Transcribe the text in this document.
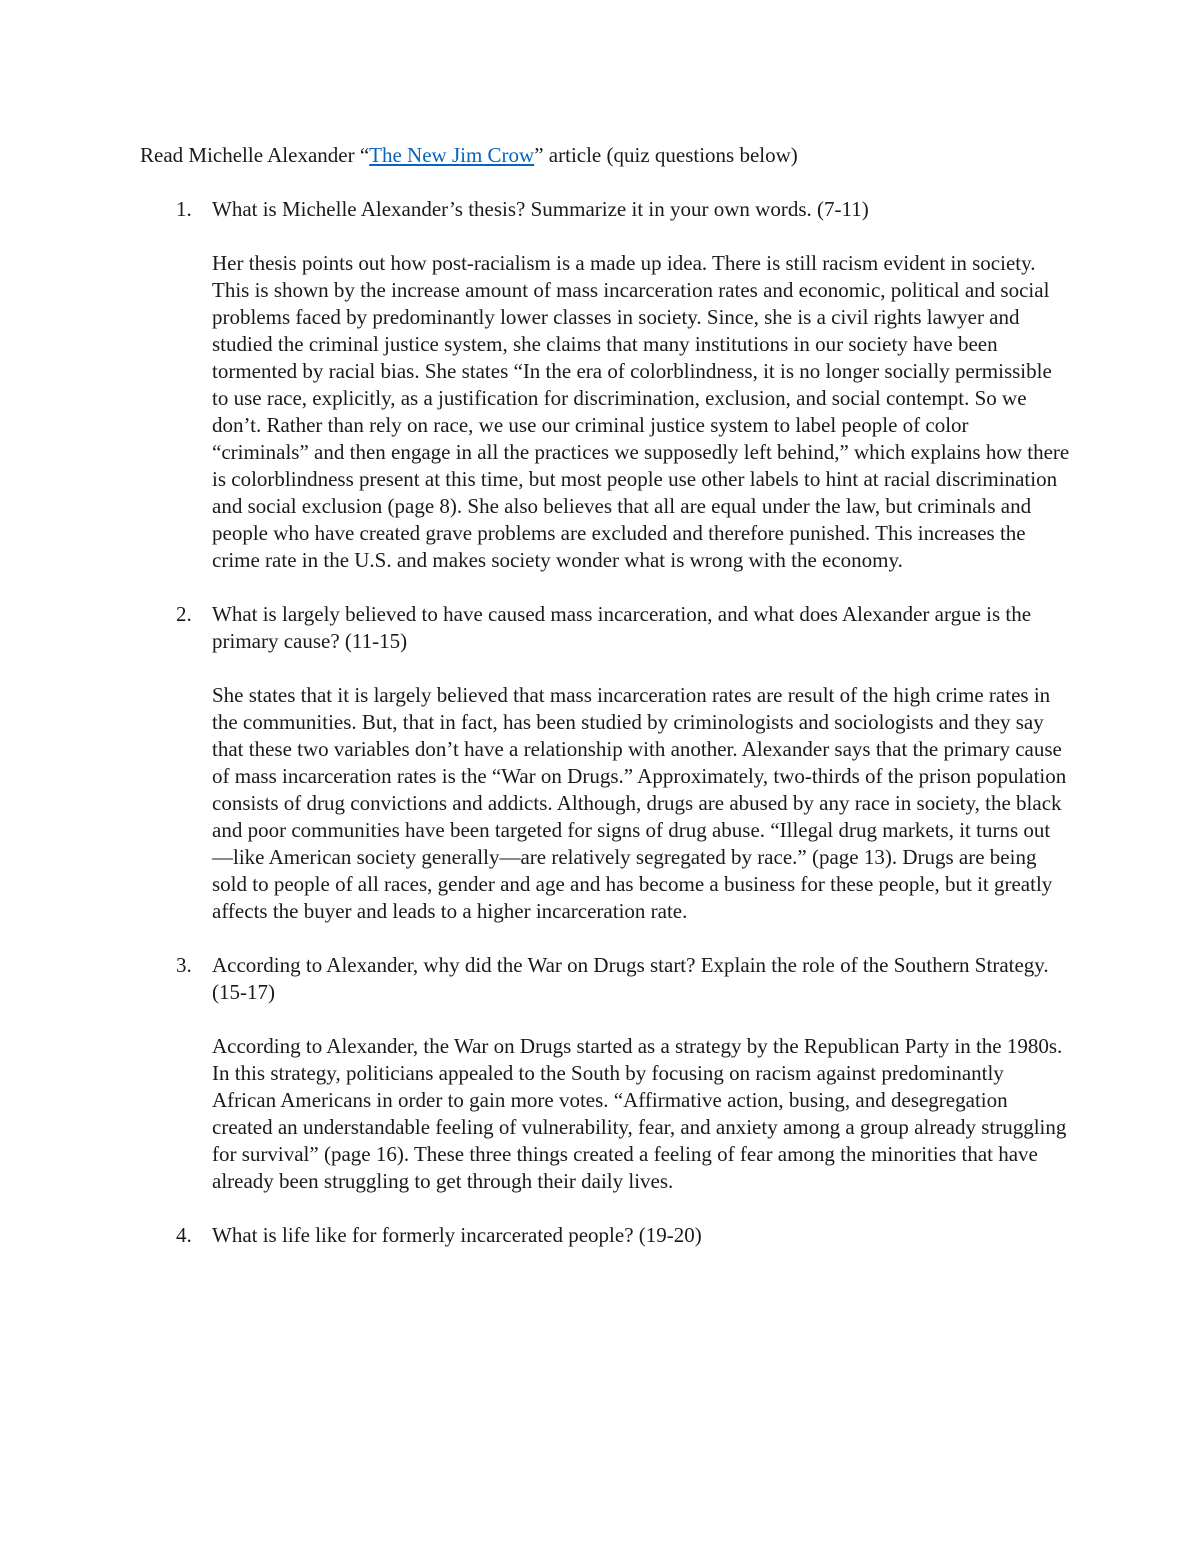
Read Michelle Alexander “The New Jim Crow” article (quiz questions below)

1. What is Michelle Alexander’s thesis? Summarize it in your own words. (7-11)

Her thesis points out how post-racialism is a made up idea. There is still racism evident in society. This is shown by the increase amount of mass incarceration rates and economic, political and social problems faced by predominantly lower classes in society. Since, she is a civil rights lawyer and studied the criminal justice system, she claims that many institutions in our society have been tormented by racial bias. She states “In the era of colorblindness, it is no longer socially permissible to use race, explicitly, as a justification for discrimination, exclusion, and social contempt. So we don’t. Rather than rely on race, we use our criminal justice system to label people of color “criminals” and then engage in all the practices we supposedly left behind,” which explains how there is colorblindness present at this time, but most people use other labels to hint at racial discrimination and social exclusion (page 8). She also believes that all are equal under the law, but criminals and people who have created grave problems are excluded and therefore punished. This increases the crime rate in the U.S. and makes society wonder what is wrong with the economy.

2. What is largely believed to have caused mass incarceration, and what does Alexander argue is the primary cause? (11-15)

She states that it is largely believed that mass incarceration rates are result of the high crime rates in the communities. But, that in fact, has been studied by criminologists and sociologists and they say that these two variables don’t have a relationship with another. Alexander says that the primary cause of mass incarceration rates is the “War on Drugs.” Approximately, two-thirds of the prison population consists of drug convictions and addicts. Although, drugs are abused by any race in society, the black and poor communities have been targeted for signs of drug abuse. “Illegal drug markets, it turns out—like American society generally—are relatively segregated by race.” (page 13). Drugs are being sold to people of all races, gender and age and has become a business for these people, but it greatly affects the buyer and leads to a higher incarceration rate.

3. According to Alexander, why did the War on Drugs start? Explain the role of the Southern Strategy. (15-17)

According to Alexander, the War on Drugs started as a strategy by the Republican Party in the 1980s. In this strategy, politicians appealed to the South by focusing on racism against predominantly African Americans in order to gain more votes. “Affirmative action, busing, and desegregation created an understandable feeling of vulnerability, fear, and anxiety among a group already struggling for survival” (page 16). These three things created a feeling of fear among the minorities that have already been struggling to get through their daily lives.

4. What is life like for formerly incarcerated people? (19-20)
